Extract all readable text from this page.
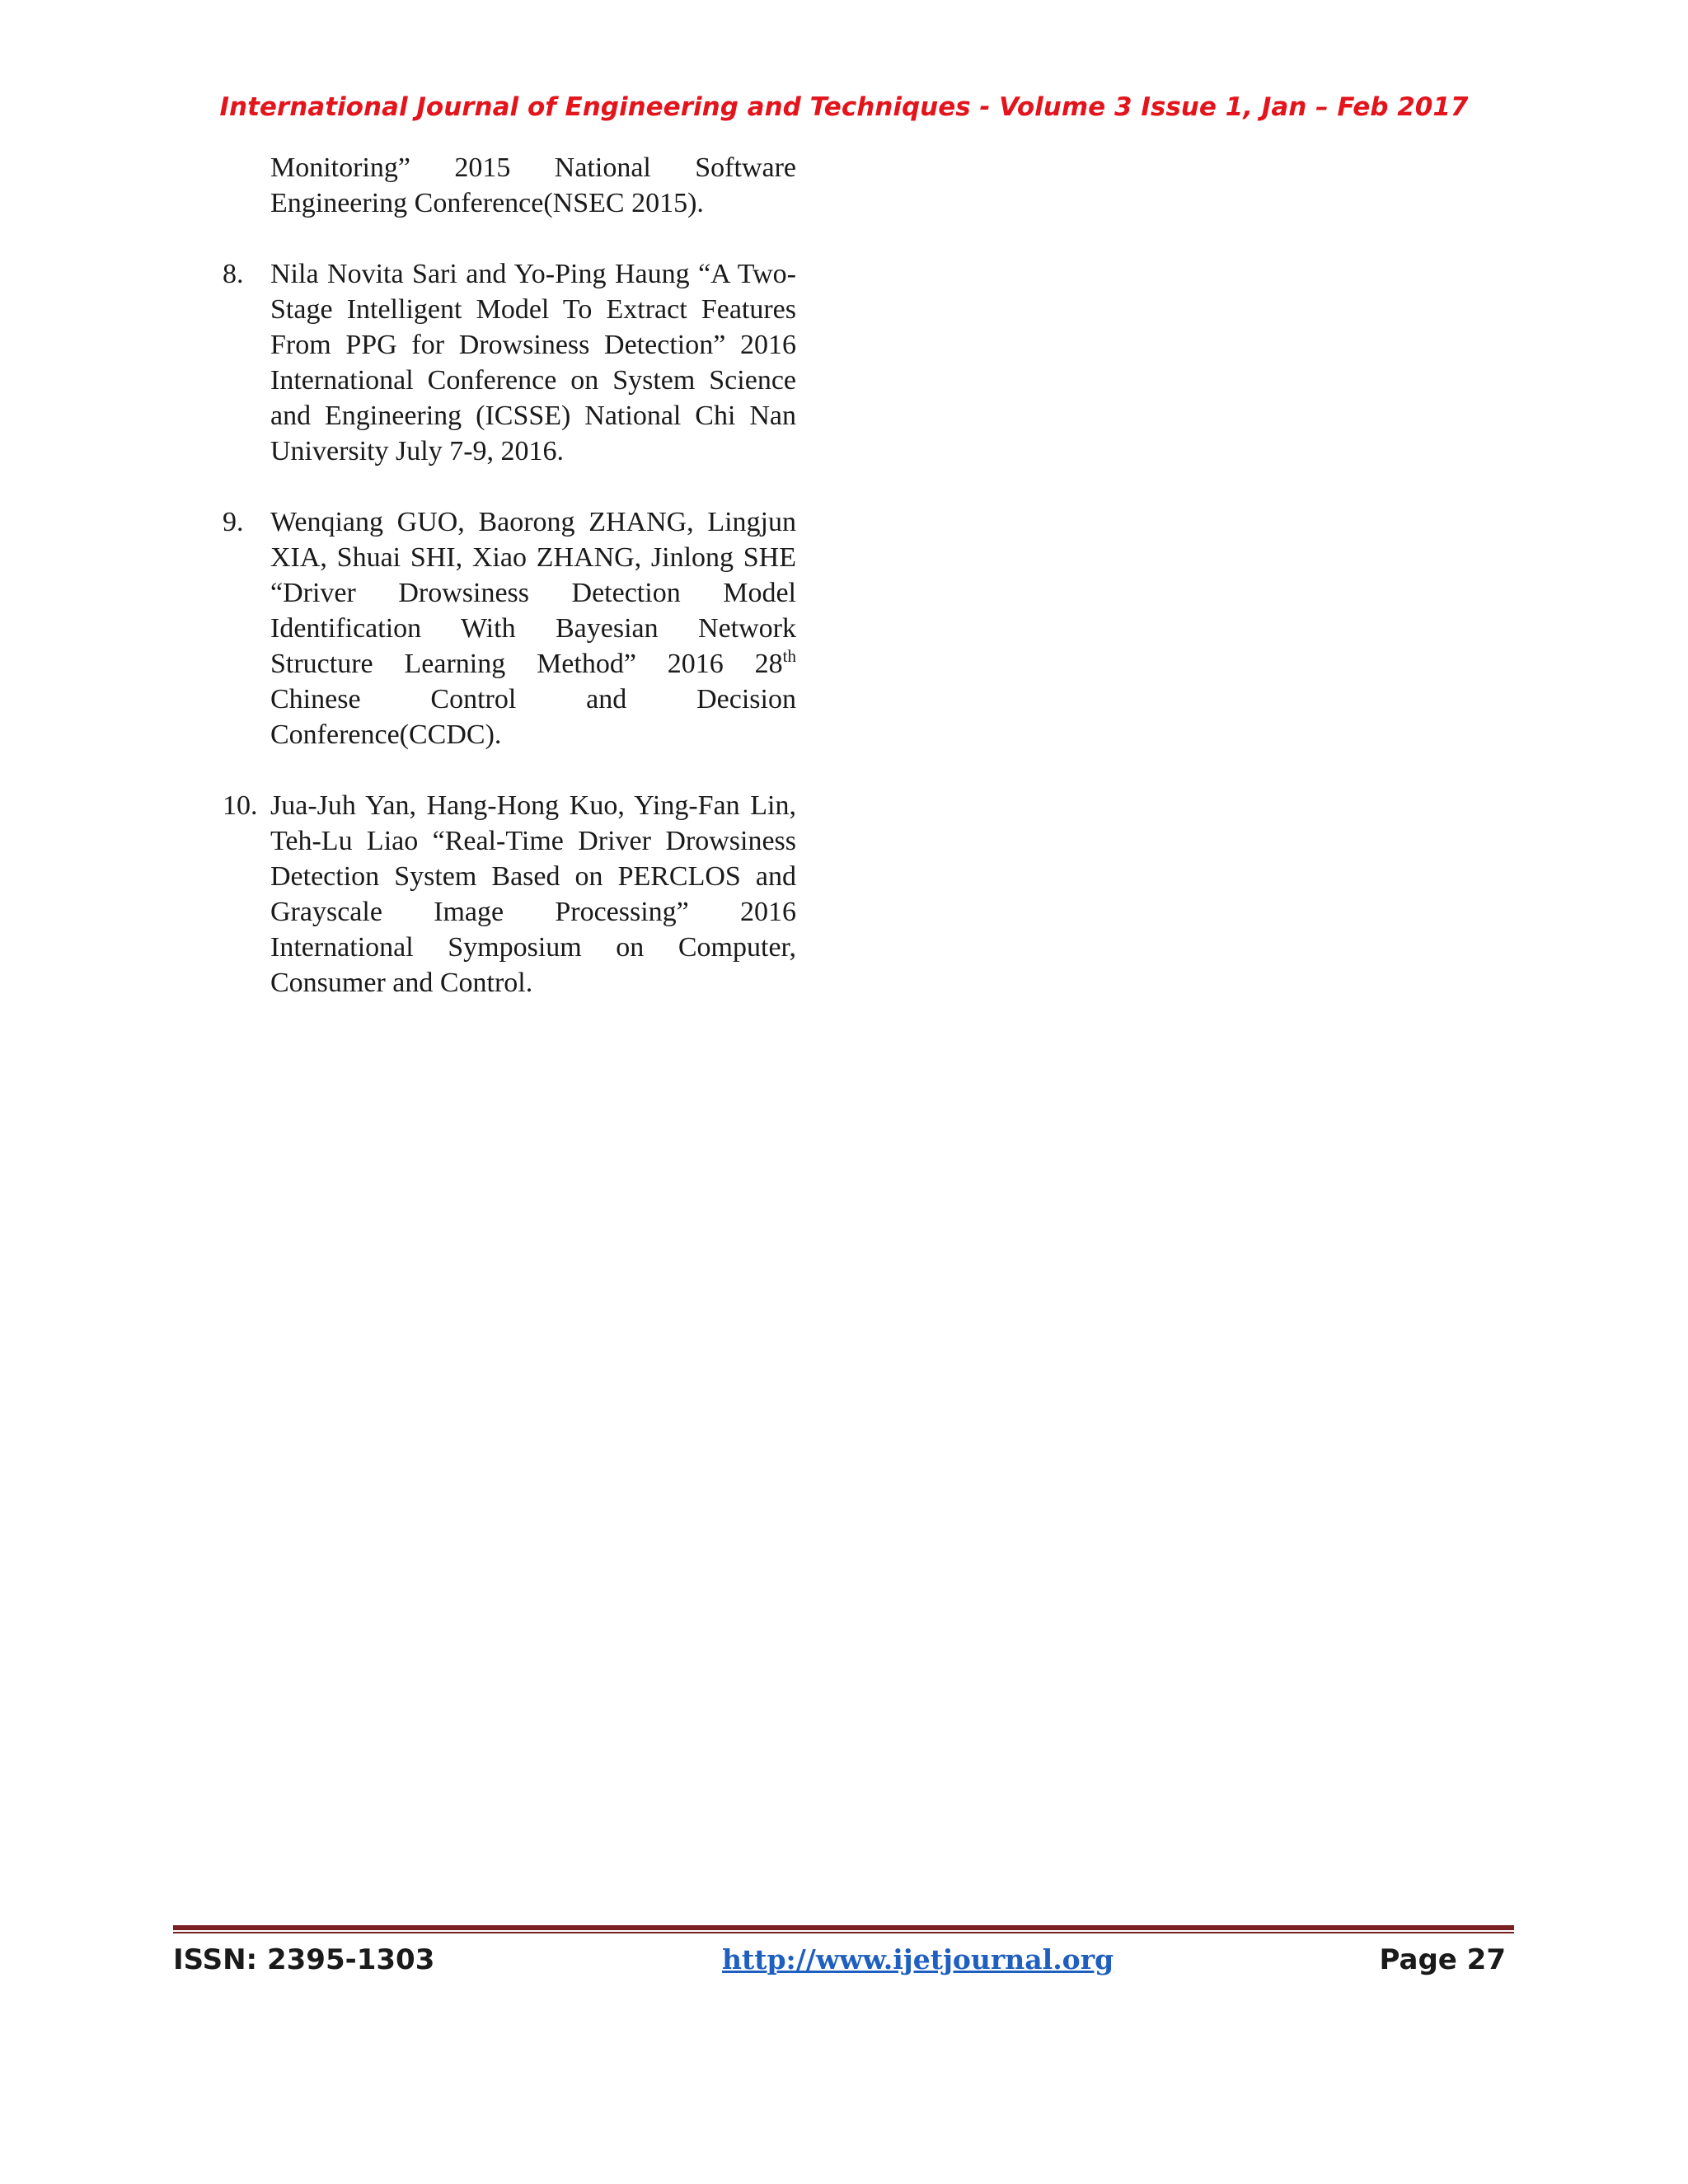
International Journal of Engineering and Techniques - Volume 3 Issue 1, Jan – Feb 2017
Monitoring” 2015 National Software Engineering Conference(NSEC 2015).
8. Nila Novita Sari and Yo-Ping Haung “A Two-Stage Intelligent Model To Extract Features From PPG for Drowsiness Detection” 2016 International Conference on System Science and Engineering (ICSSE) National Chi Nan University July 7-9, 2016.
9. Wenqiang GUO, Baorong ZHANG, Lingjun XIA, Shuai SHI, Xiao ZHANG, Jinlong SHE “Driver Drowsiness Detection Model Identification With Bayesian Network Structure Learning Method” 2016 28th Chinese Control and Decision Conference(CCDC).
10. Jua-Juh Yan, Hang-Hong Kuo, Ying-Fan Lin, Teh-Lu Liao “Real-Time Driver Drowsiness Detection System Based on PERCLOS and Grayscale Image Processing” 2016 International Symposium on Computer, Consumer and Control.
ISSN: 2395-1303	http://www.ijetjournal.org	Page 27
